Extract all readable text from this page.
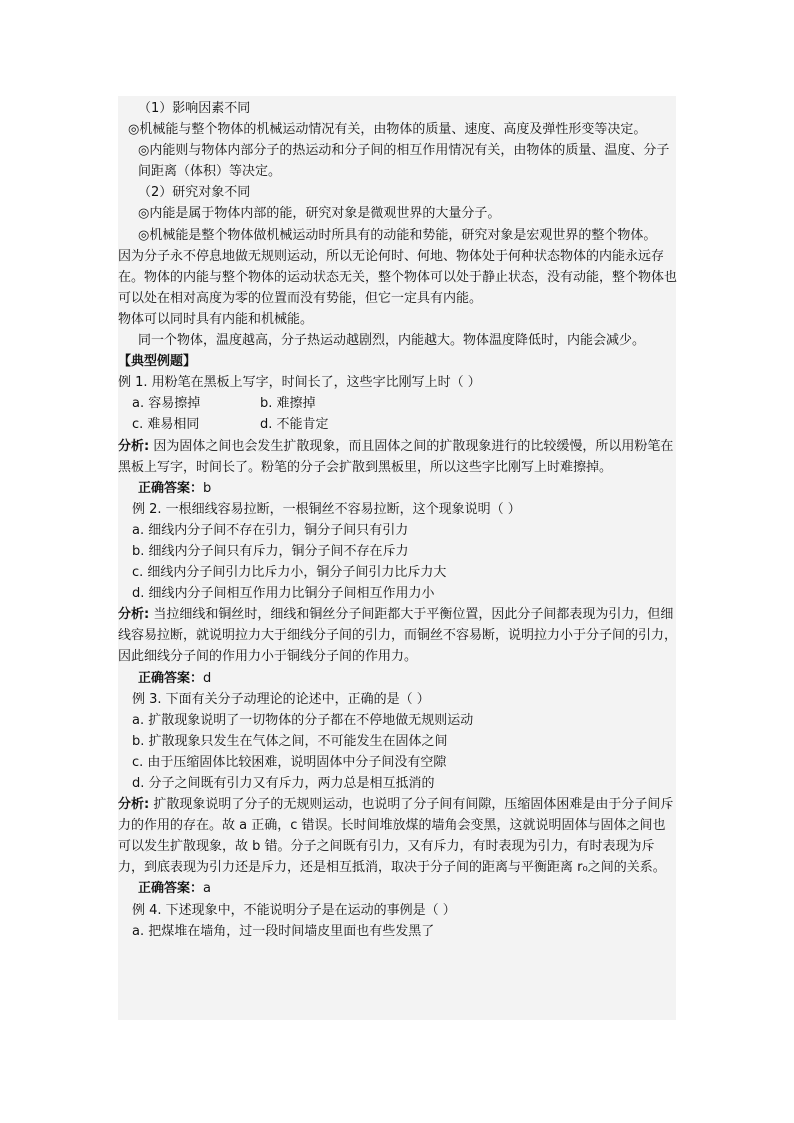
（1）影响因素不同

◎机械能与整个物体的机械运动情况有关，由物体的质量、速度、高度及弹性形变等决定。

◎内能则与物体内部分子的热运动和分子间的相互作用情况有关，由物体的质量、温度、分子间距离（体积）等决定。

（2）研究对象不同

◎内能是属于物体内部的能，研究对象是微观世界的大量分子。

◎机械能是整个物体做机械运动时所具有的动能和势能，研究对象是宏观世界的整个物体。

因为分子永不停息地做无规则运动，所以无论何时、何地、物体处于何种状态物体的内能永远存在。物体的内能与整个物体的运动状态无关，整个物体可以处于静止状态，没有动能，整个物体也可以处在相对高度为零的位置而没有势能，但它一定具有内能。

物体可以同时具有内能和机械能。

同一个物体，温度越高，分子热运动越剧烈，内能越大。物体温度降低时，内能会减少。

【典型例题】

例 1. 用粉笔在黑板上写字，时间长了，这些字比刚写上时（ ）

a. 容易擦掉	b. 难擦掉
c. 难易相同	d. 不能肯定

分析: 因为固体之间也会发生扩散现象，而且固体之间的扩散现象进行的比较缓慢，所以用粉笔在黑板上写字，时间长了。粉笔的分子会扩散到黑板里，所以这些字比刚写上时难擦掉。

正确答案：b

例 2. 一根细线容易拉断，一根铜丝不容易拉断，这个现象说明（ ）

a. 细线内分子间不存在引力，铜分子间只有引力

b. 细线内分子间只有斥力，铜分子间不存在斥力

c. 细线内分子间引力比斥力小，铜分子间引力比斥力大

d. 细线内分子间相互作用力比铜分子间相互作用力小

分析: 当拉细线和铜丝时，细线和铜丝分子间距都大于平衡位置，因此分子间都表现为引力，但细线容易拉断，就说明拉力大于细线分子间的引力，而铜丝不容易断，说明拉力小于分子间的引力，因此细线分子间的作用力小于铜线分子间的作用力。

正确答案：d

例 3. 下面有关分子动理论的论述中，正确的是（ ）

a. 扩散现象说明了一切物体的分子都在不停地做无规则运动

b. 扩散现象只发生在气体之间，不可能发生在固体之间

c. 由于压缩固体比较困难，说明固体中分子间没有空隙

d. 分子之间既有引力又有斥力，两力总是相互抵消的

分析: 扩散现象说明了分子的无规则运动，也说明了分子间有间隙，压缩固体困难是由于分子间斥力的作用的存在。故 a 正确，c 错误。长时间堆放煤的墙角会变黑，这就说明固体与固体之间也可以发生扩散现象，故 b 错。分子之间既有引力，又有斥力，有时表现为引力，有时表现为斥力，到底表现为引力还是斥力，还是相互抵消，取决于分子间的距离与平衡距离 r₀之间的关系。

正确答案：a

例 4. 下述现象中，不能说明分子是在运动的事例是（ ）

a. 把煤堆在墙角，过一段时间墙皮里面也有些发黑了
